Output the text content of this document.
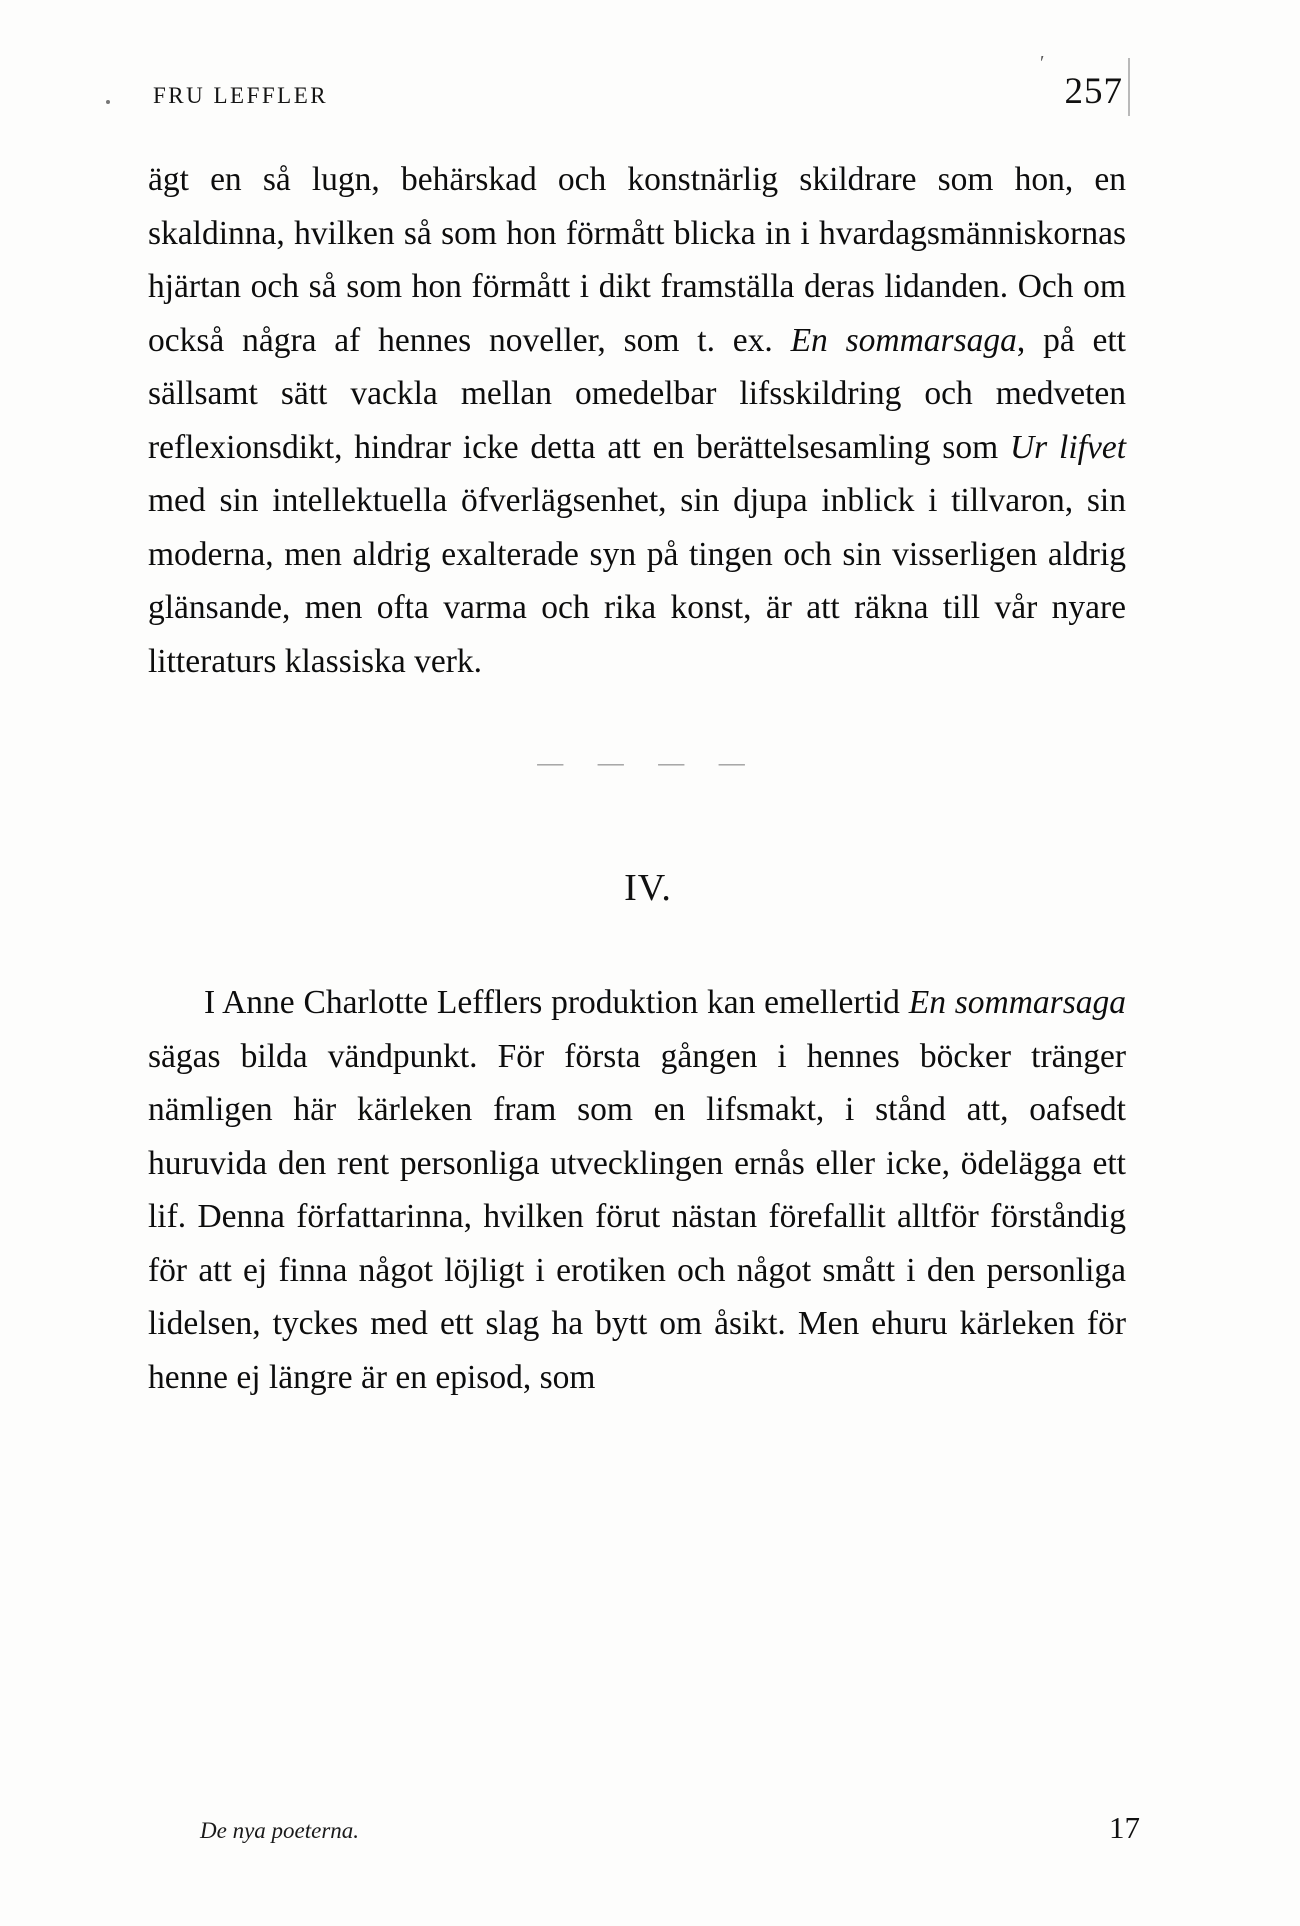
′
FRU LEFFLER	257

ägt en så lugn, behärskad och konstnärlig skildrare som hon, en skaldinna, hvilken så som hon förmått blicka in i hvardagsmänniskornas hjärtan och så som hon förmått i dikt framställa deras lidanden. Och om också några af hennes noveller, som t. ex. En sommarsaga, på ett sällsamt sätt vackla mellan omedelbar lifsskildring och medveten reflexionsdikt, hindrar icke detta att en berättelsesamling som Ur lifvet med sin intellektuella öfverlägsenhet, sin djupa inblick i tillvaron, sin moderna, men aldrig exalterade syn på tingen och sin visserligen aldrig glänsande, men ofta varma och rika konst, är att räkna till vår nyare litteraturs klassiska verk.

— — — —
IV.

I Anne Charlotte Lefflers produktion kan emellertid En sommarsaga sägas bilda vändpunkt. För första gången i hennes böcker tränger nämligen här kärleken fram som en lifsmakt, i stånd att, oafsedt huruvida den rent personliga utvecklingen ernås eller icke, ödelägga ett lif. Denna författarinna, hvilken förut nästan förefallit alltför förståndig för att ej finna något löjligt i erotiken och något smått i den personliga lidelsen, tyckes med ett slag ha bytt om åsikt. Men ehuru kärleken för henne ej längre är en episod, som

De nya poeterna.	17
